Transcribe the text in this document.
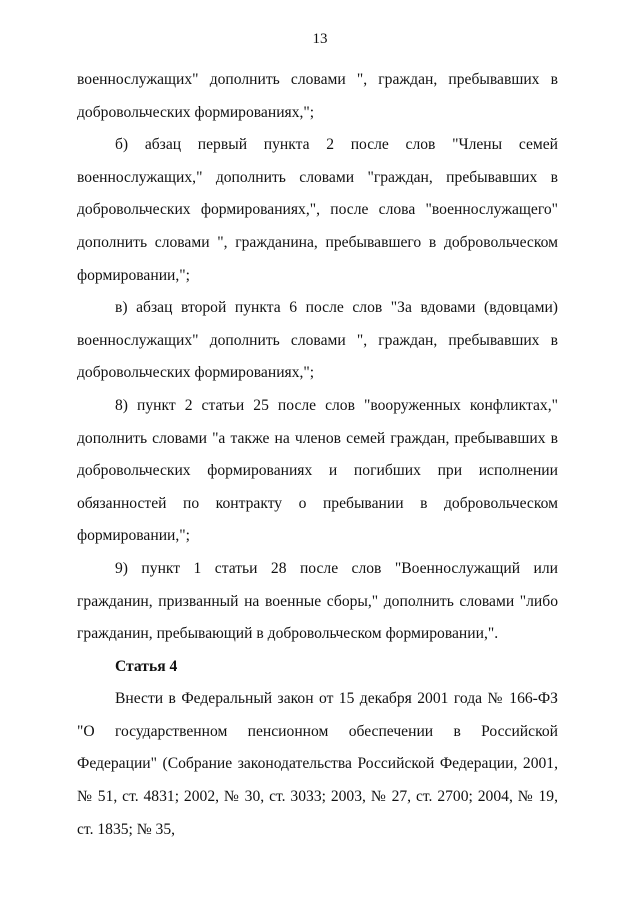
13

военнослужащих" дополнить словами ", граждан, пребывавших в добровольческих формированиях,";

б) абзац первый пункта 2 после слов "Члены семей военнослужащих," дополнить словами "граждан, пребывавших в добровольческих формированиях,", после слова "военнослужащего" дополнить словами ", гражданина, пребывавшего в добровольческом формировании,";

в) абзац второй пункта 6 после слов "За вдовами (вдовцами) военнослужащих" дополнить словами ", граждан, пребывавших в добровольческих формированиях,";

8) пункт 2 статьи 25 после слов "вооруженных конфликтах," дополнить словами "а также на членов семей граждан, пребывавших в добровольческих формированиях и погибших при исполнении обязанностей по контракту о пребывании в добровольческом формировании,";

9) пункт 1 статьи 28 после слов "Военнослужащий или гражданин, призванный на военные сборы," дополнить словами "либо гражданин, пребывающий в добровольческом формировании,".

Статья 4

Внести в Федеральный закон от 15 декабря 2001 года № 166-ФЗ "О государственном пенсионном обеспечении в Российской Федерации" (Собрание законодательства Российской Федерации, 2001, № 51, ст. 4831; 2002, № 30, ст. 3033; 2003, № 27, ст. 2700; 2004, № 19, ст. 1835; № 35,
